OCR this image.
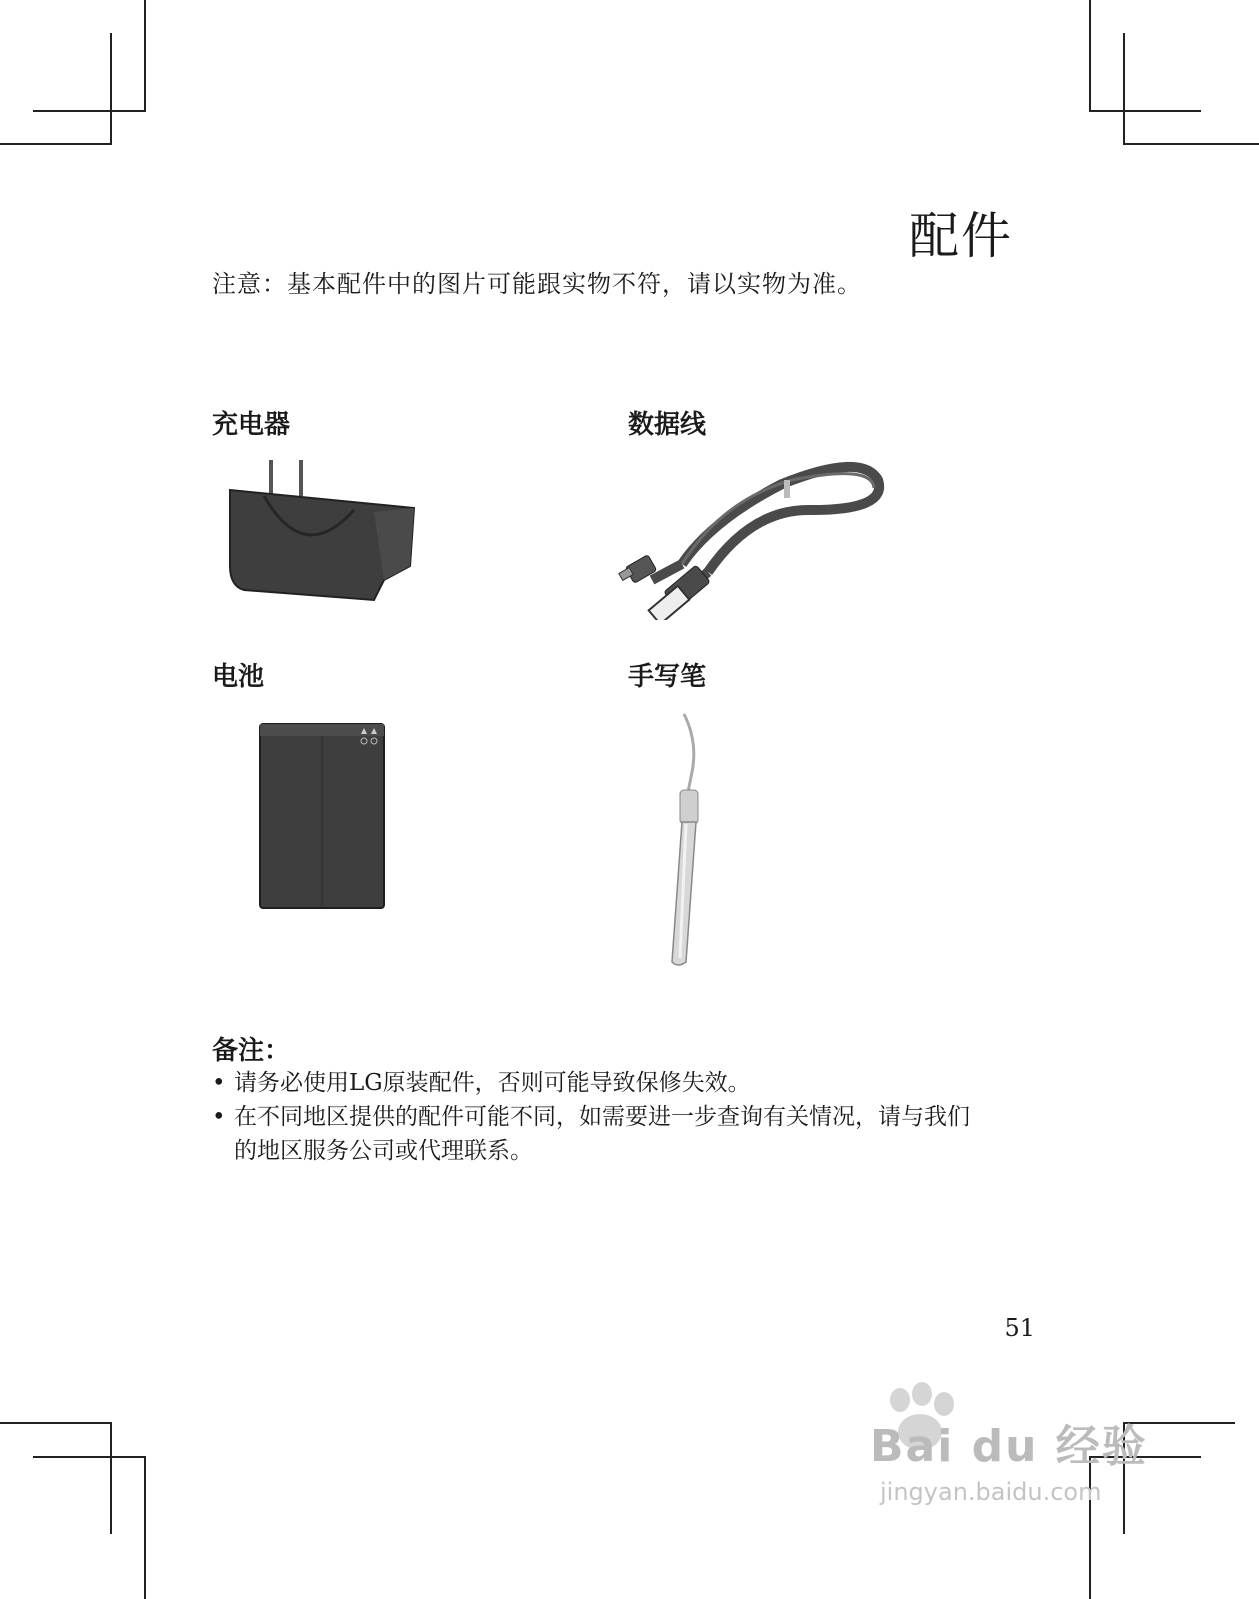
配件
注意：基本配件中的图片可能跟实物不符，请以实物为准。
充电器	数据线
电池	手写笔
备注：
• 请务必使用LG原装配件，否则可能导致保修失效。
• 在不同地区提供的配件可能不同，如需要进一步查询有关情况，请与我们的地区服务公司或代理联系。
51
Bai du 经验
jingyan.baidu.com
